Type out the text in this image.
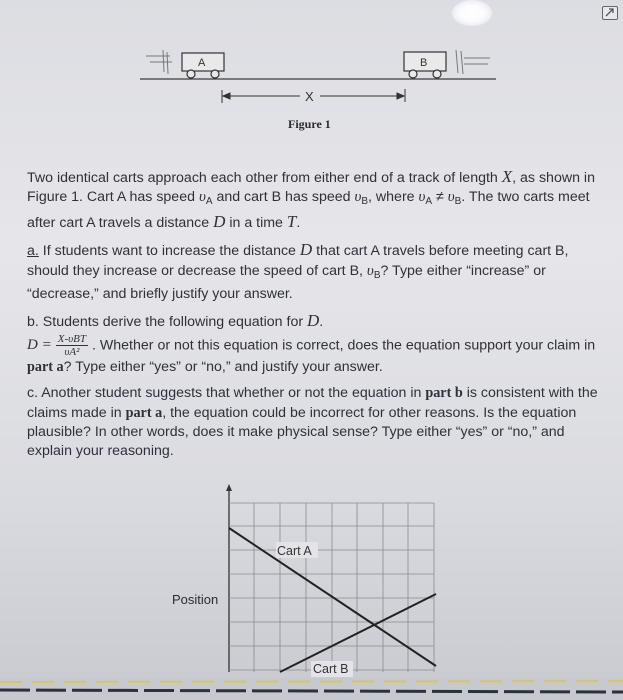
A	B
X
Figure 1

Two identical carts approach each other from either end of a track of length X, as shown in Figure 1. Cart A has speed $\upsilon_A$ and cart B has speed $\upsilon_B$, where $\upsilon_A \ne \upsilon_B$. The two carts meet after cart A travels a distance D in a time T.

a. If students want to increase the distance D that cart A travels before meeting cart B, should they increase or decrease the speed of cart B, $\upsilon_B$? Type either “increase” or “decrease,” and briefly justify your answer.

b. Students derive the following equation for D.
$D = \frac{\text{X-υBT}}{\text{υA²}}$ . Whether or not this equation is correct, does the equation support your claim in part a? Type either “yes” or “no,” and justify your answer.

c. Another student suggests that whether or not the equation in part b is consistent with the claims made in part a, the equation could be incorrect for other reasons. Is the equation plausible? In other words, does it make physical sense? Type either “yes” or “no,” and explain your reasoning.

Cart A
Cart B
Position
